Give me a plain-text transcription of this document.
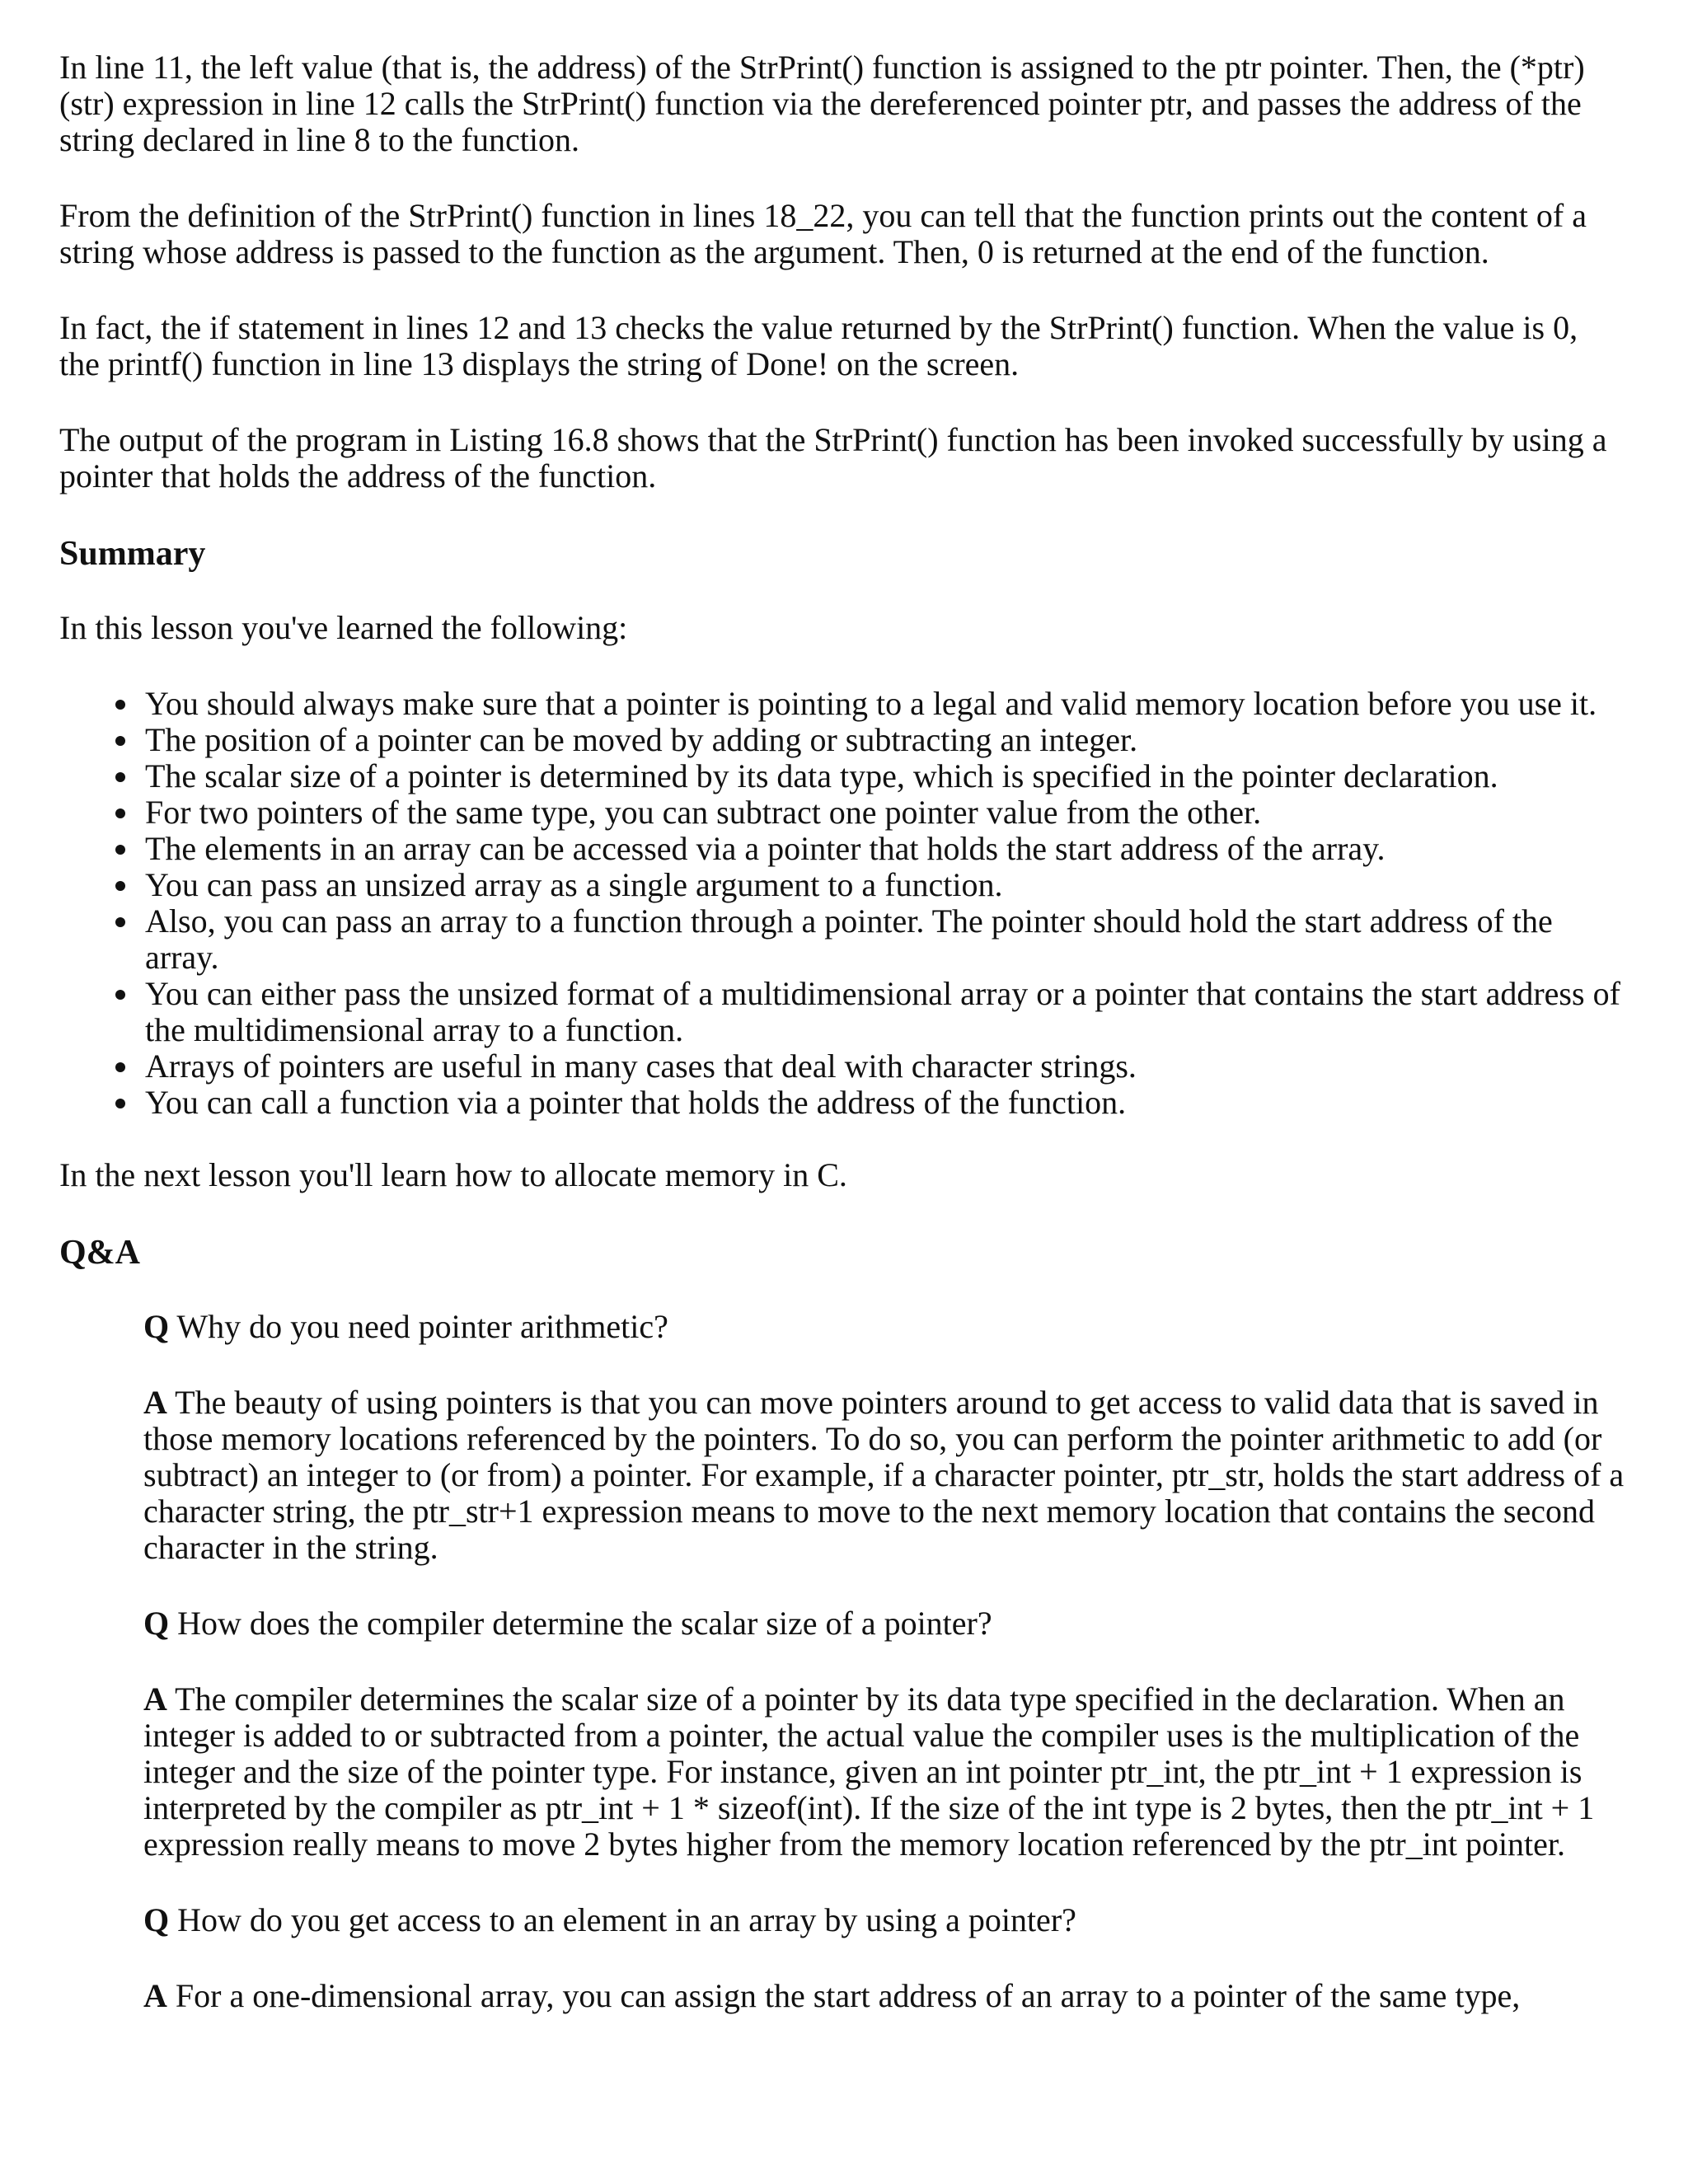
In line 11, the left value (that is, the address) of the StrPrint() function is assigned to the ptr pointer. Then, the (*ptr)(str) expression in line 12 calls the StrPrint() function via the dereferenced pointer ptr, and passes the address of the string declared in line 8 to the function.

From the definition of the StrPrint() function in lines 18_22, you can tell that the function prints out the content of a string whose address is passed to the function as the argument. Then, 0 is returned at the end of the function.

In fact, the if statement in lines 12 and 13 checks the value returned by the StrPrint() function. When the value is 0, the printf() function in line 13 displays the string of Done! on the screen.

The output of the program in Listing 16.8 shows that the StrPrint() function has been invoked successfully by using a pointer that holds the address of the function.

Summary

In this lesson you've learned the following:

You should always make sure that a pointer is pointing to a legal and valid memory location before you use it.
The position of a pointer can be moved by adding or subtracting an integer.
The scalar size of a pointer is determined by its data type, which is specified in the pointer declaration.
For two pointers of the same type, you can subtract one pointer value from the other.
The elements in an array can be accessed via a pointer that holds the start address of the array.
You can pass an unsized array as a single argument to a function.
Also, you can pass an array to a function through a pointer. The pointer should hold the start address of the array.
You can either pass the unsized format of a multidimensional array or a pointer that contains the start address of the multidimensional array to a function.
Arrays of pointers are useful in many cases that deal with character strings.
You can call a function via a pointer that holds the address of the function.

In the next lesson you'll learn how to allocate memory in C.

Q&A

Q Why do you need pointer arithmetic?

A The beauty of using pointers is that you can move pointers around to get access to valid data that is saved in those memory locations referenced by the pointers. To do so, you can perform the pointer arithmetic to add (or subtract) an integer to (or from) a pointer. For example, if a character pointer, ptr_str, holds the start address of a character string, the ptr_str+1 expression means to move to the next memory location that contains the second character in the string.

Q How does the compiler determine the scalar size of a pointer?

A The compiler determines the scalar size of a pointer by its data type specified in the declaration. When an integer is added to or subtracted from a pointer, the actual value the compiler uses is the multiplication of the integer and the size of the pointer type. For instance, given an int pointer ptr_int, the ptr_int + 1 expression is interpreted by the compiler as ptr_int + 1 * sizeof(int). If the size of the int type is 2 bytes, then the ptr_int + 1 expression really means to move 2 bytes higher from the memory location referenced by the ptr_int pointer.

Q How do you get access to an element in an array by using a pointer?

A For a one-dimensional array, you can assign the start address of an array to a pointer of the same type,
